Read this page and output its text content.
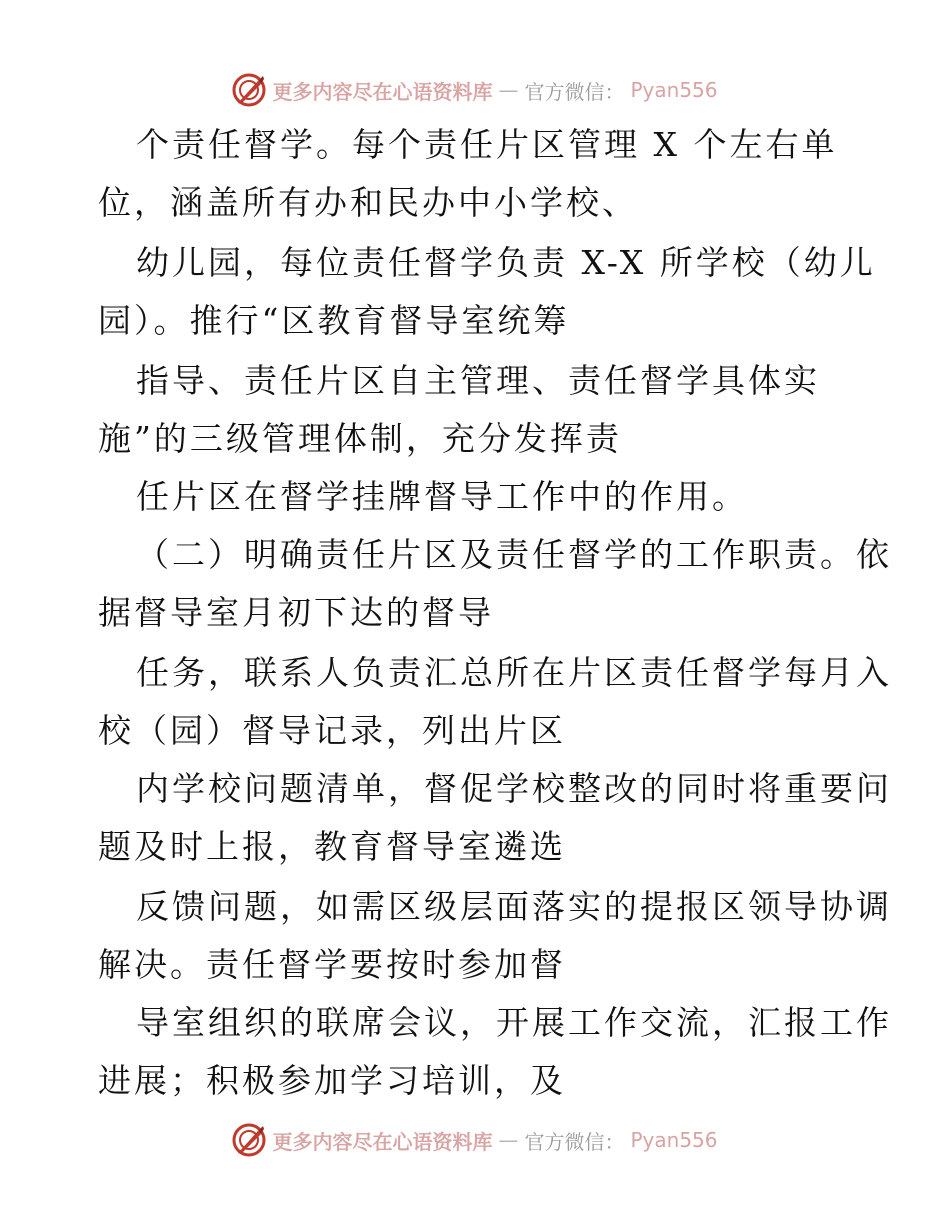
更多内容尽在心语资料库 — 官方微信： Pyan556
个责任督学。每个责任片区管理 X 个左右单
位，涵盖所有办和民办中小学校、
幼儿园，每位责任督学负责 X-X 所学校（幼儿
园）。推行“区教育督导室统筹
指导、责任片区自主管理、责任督学具体实
施”的三级管理体制，充分发挥责
任片区在督学挂牌督导工作中的作用。
（二）明确责任片区及责任督学的工作职责。依
据督导室月初下达的督导
任务，联系人负责汇总所在片区责任督学每月入
校（园）督导记录，列出片区
内学校问题清单，督促学校整改的同时将重要问
题及时上报，教育督导室遴选
反馈问题，如需区级层面落实的提报区领导协调
解决。责任督学要按时参加督
导室组织的联席会议，开展工作交流，汇报工作
进展；积极参加学习培训，及
更多内容尽在心语资料库 — 官方微信： Pyan556
